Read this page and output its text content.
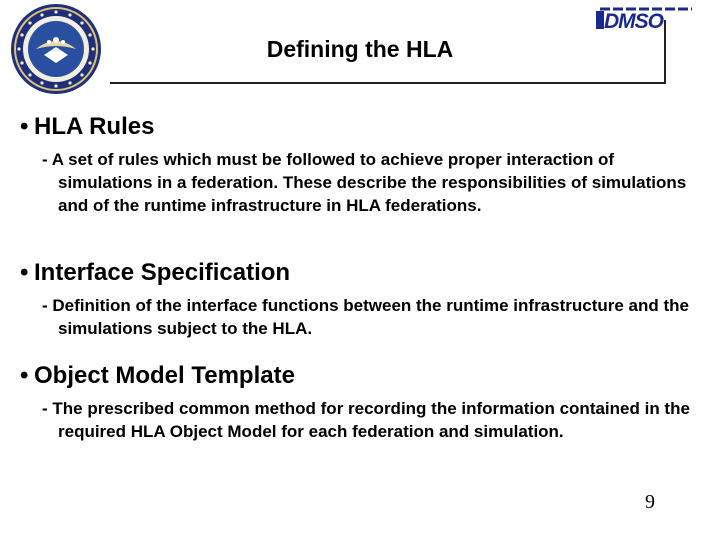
Defining the HLA
DMSO
• HLA Rules
- A set of rules which must be followed to achieve proper interaction of simulations in a federation. These describe the responsibilities of simulations and of the runtime infrastructure in HLA federations.
• Interface Specification
- Definition of the interface functions between the runtime infrastructure and the simulations subject to the HLA.
• Object Model Template
- The prescribed common method for recording the information contained in the required HLA Object Model for each federation and simulation.
9
